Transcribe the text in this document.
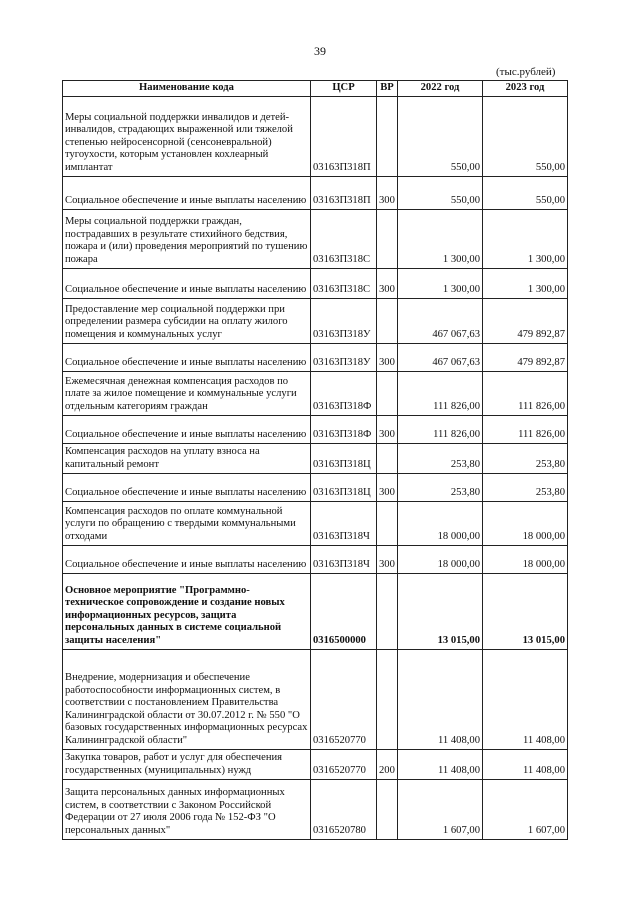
39
(тыс.рублей)
Наименование кода	ЦСР	ВР	2022 год	2023 год
Меры социальной поддержки инвалидов и детей-инвалидов, страдающих выраженной или тяжелой степенью нейросенсорной (сенсоневральной) тугоухости, которым установлен кохлеарный имплантат	03163П318П		550,00	550,00
Социальное обеспечение и иные выплаты населению	03163П318П	300	550,00	550,00
Меры социальной поддержки граждан, пострадавших в результате стихийного бедствия, пожара и (или) проведения мероприятий по тушению пожара	03163П318С		1 300,00	1 300,00
Социальное обеспечение и иные выплаты населению	03163П318С	300	1 300,00	1 300,00
Предоставление мер социальной поддержки при определении размера субсидии на оплату жилого помещения и коммунальных услуг	03163П318У		467 067,63	479 892,87
Социальное обеспечение и иные выплаты населению	03163П318У	300	467 067,63	479 892,87
Ежемесячная денежная компенсация расходов по плате за жилое помещение и коммунальные услуги отдельным категориям граждан	03163П318Ф		111 826,00	111 826,00
Социальное обеспечение и иные выплаты населению	03163П318Ф	300	111 826,00	111 826,00
Компенсация расходов на уплату взноса на капитальный ремонт	03163П318Ц		253,80	253,80
Социальное обеспечение и иные выплаты населению	03163П318Ц	300	253,80	253,80
Компенсация расходов по оплате коммунальной услуги по обращению с твердыми коммунальными отходами	03163П318Ч		18 000,00	18 000,00
Социальное обеспечение и иные выплаты населению	03163П318Ч	300	18 000,00	18 000,00
Основное мероприятие "Программно-техническое сопровождение и создание новых информационных ресурсов, защита персональных данных в системе социальной защиты населения"	0316500000		13 015,00	13 015,00
Внедрение, модернизация и обеспечение работоспособности информационных систем, в соответствии с постановлением Правительства Калининградской области от 30.07.2012 г. № 550 "О базовых государственных информационных ресурсах Калининградской области"	0316520770		11 408,00	11 408,00
Закупка товаров, работ и услуг для обеспечения государственных (муниципальных) нужд	0316520770	200	11 408,00	11 408,00
Защита персональных данных информационных систем, в соответствии с Законом Российской Федерации от 27 июля 2006 года № 152-ФЗ "О персональных данных"	0316520780		1 607,00	1 607,00
